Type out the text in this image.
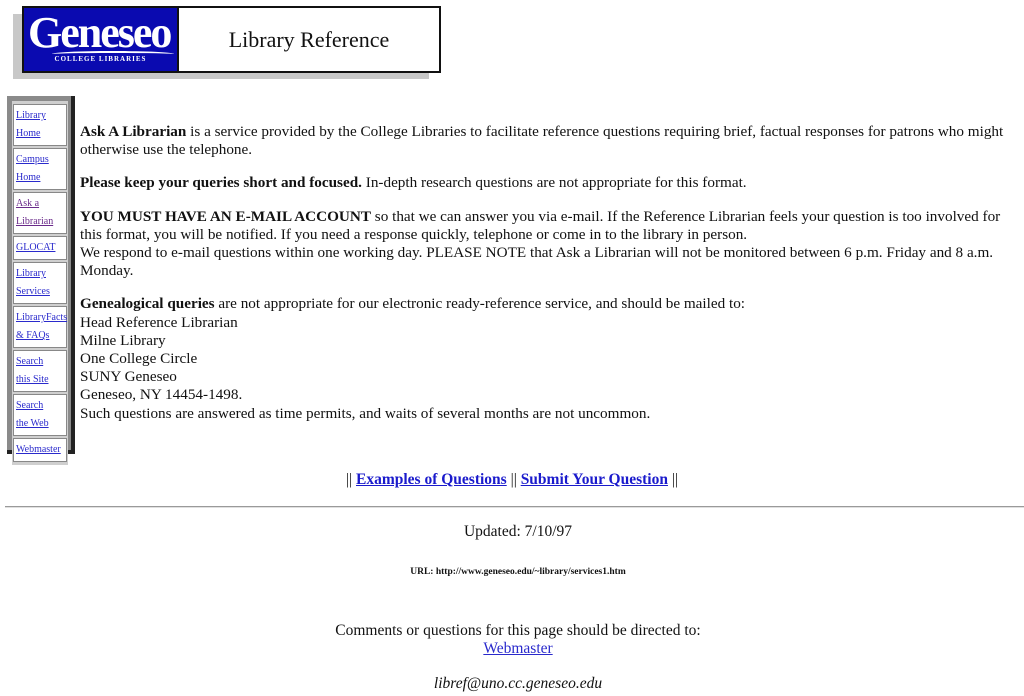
Geneseo
COLLEGE LIBRARIES
Library Reference
Library
Home
Campus
Home
Ask a
Librarian
GLOCAT
Library
Services
LibraryFacts
& FAQs
Search
this Site
Search
the Web
Webmaster

Ask A Librarian is a service provided by the College Libraries to facilitate reference questions requiring brief, factual responses for patrons who might otherwise use the telephone.

Please keep your queries short and focused. In-depth research questions are not appropriate for this format.

YOU MUST HAVE AN E-MAIL ACCOUNT so that we can answer you via e-mail. If the Reference Librarian feels your question is too involved for this format, you will be notified. If you need a response quickly, telephone or come in to the library in person.
We respond to e-mail questions within one working day. PLEASE NOTE that Ask a Librarian will not be monitored between 6 p.m. Friday and 8 a.m. Monday.

Genealogical queries are not appropriate for our electronic ready-reference service, and should be mailed to:
Head Reference Librarian
Milne Library
One College Circle
SUNY Geneseo
Geneseo, NY 14454-1498.
Such questions are answered as time permits, and waits of several months are not uncommon.

|| Examples of Questions || Submit Your Question ||
Updated: 7/10/97
URL: http://www.geneseo.edu/~library/services1.htm
Comments or questions for this page should be directed to:
Webmaster
libref@uno.cc.geneseo.edu
